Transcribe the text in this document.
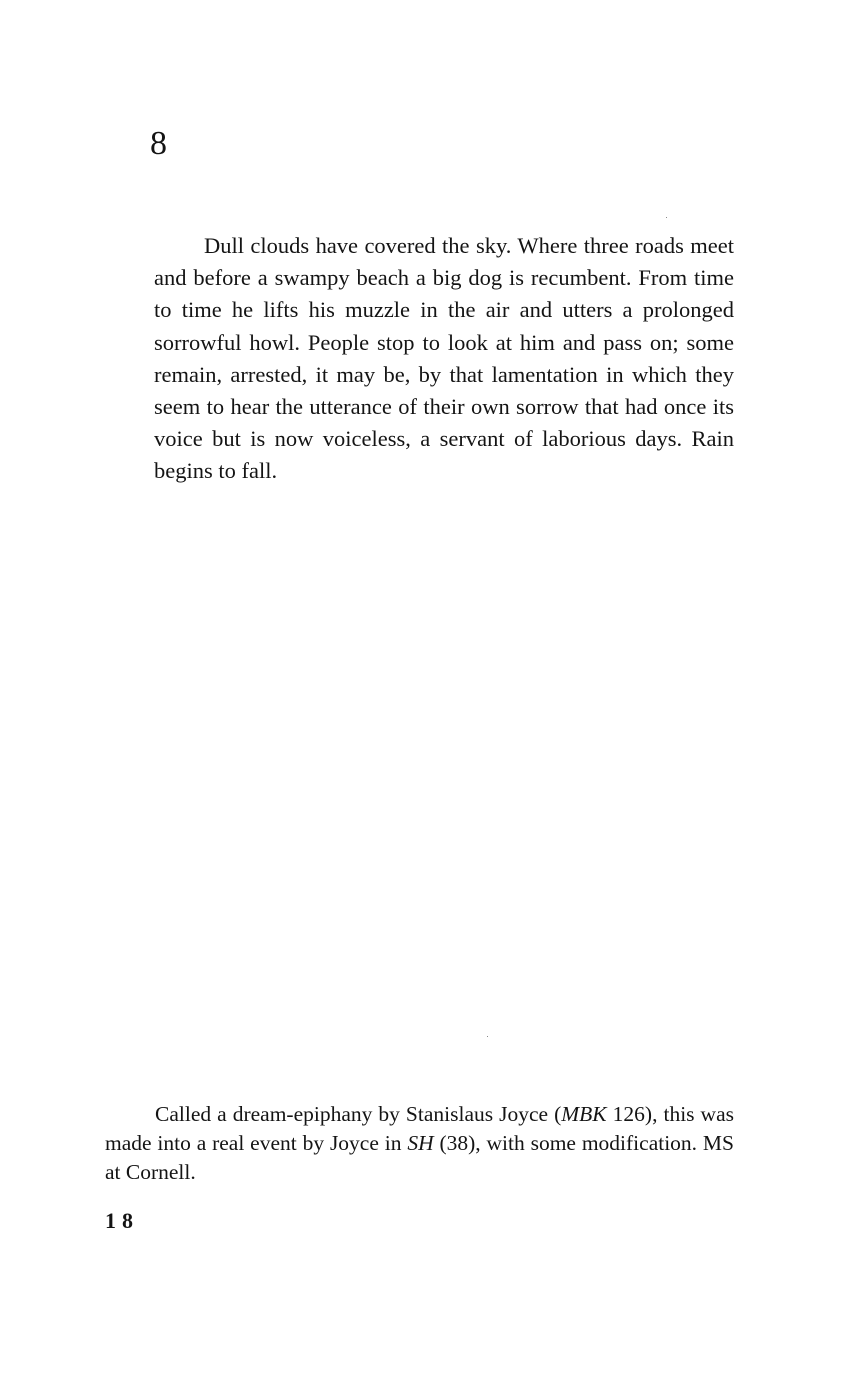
8

Dull clouds have covered the sky. Where three roads meet and before a swampy beach a big dog is recumbent. From time to time he lifts his muzzle in the air and utters a prolonged sorrowful howl. People stop to look at him and pass on; some remain, arrested, it may be, by that lamentation in which they seem to hear the utterance of their own sorrow that had once its voice but is now voiceless, a servant of laborious days. Rain begins to fall.

Called a dream-epiphany by Stanislaus Joyce (MBK 126), this was made into a real event by Joyce in SH (38), with some modification. MS at Cornell.

18
